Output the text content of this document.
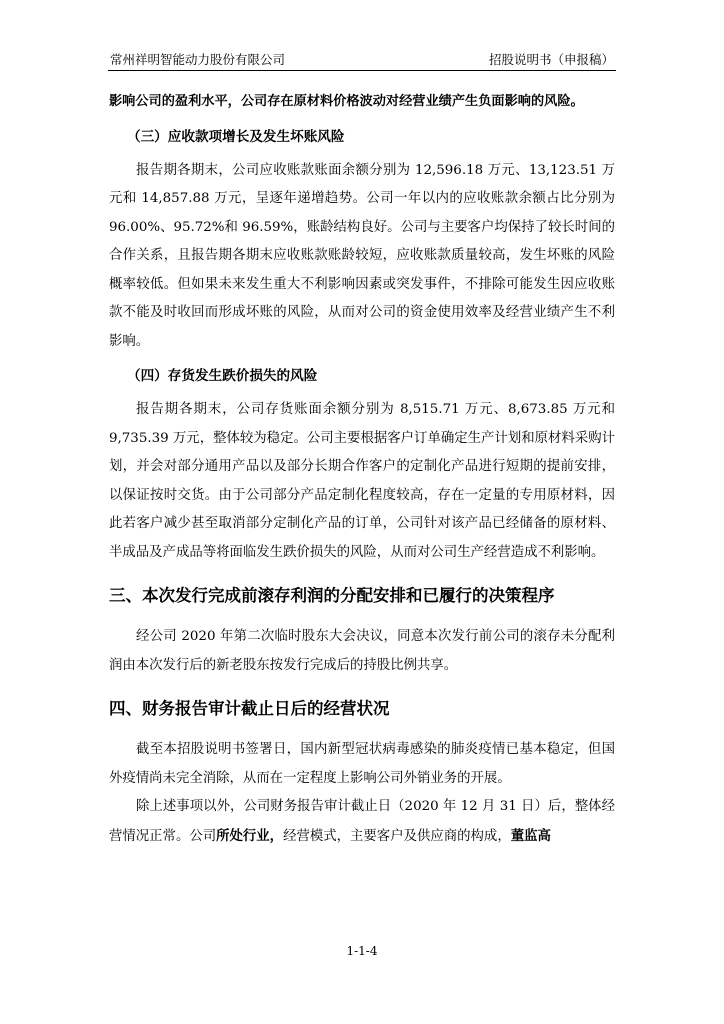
常州祥明智能动力股份有限公司	招股说明书（申报稿）

影响公司的盈利水平，公司存在原材料价格波动对经营业绩产生负面影响的风险。

（三）应收款项增长及发生坏账风险

报告期各期末，公司应收账款账面余额分别为 12,596.18 万元、13,123.51 万元和 14,857.88 万元，呈逐年递增趋势。公司一年以内的应收账款余额占比分别为 96.00%、95.72%和 96.59%，账龄结构良好。公司与主要客户均保持了较长时间的合作关系，且报告期各期末应收账款账龄较短，应收账款质量较高，发生坏账的风险概率较低。但如果未来发生重大不利影响因素或突发事件，不排除可能发生因应收账款不能及时收回而形成坏账的风险，从而对公司的资金使用效率及经营业绩产生不利影响。

（四）存货发生跌价损失的风险

报告期各期末，公司存货账面余额分别为 8,515.71 万元、8,673.85 万元和 9,735.39 万元，整体较为稳定。公司主要根据客户订单确定生产计划和原材料采购计划，并会对部分通用产品以及部分长期合作客户的定制化产品进行短期的提前安排，以保证按时交货。由于公司部分产品定制化程度较高，存在一定量的专用原材料，因此若客户减少甚至取消部分定制化产品的订单，公司针对该产品已经储备的原材料、半成品及产成品等将面临发生跌价损失的风险，从而对公司生产经营造成不利影响。

三、本次发行完成前滚存利润的分配安排和已履行的决策程序

经公司 2020 年第二次临时股东大会决议，同意本次发行前公司的滚存未分配利润由本次发行后的新老股东按发行完成后的持股比例共享。

四、财务报告审计截止日后的经营状况

截至本招股说明书签署日，国内新型冠状病毒感染的肺炎疫情已基本稳定，但国外疫情尚未完全消除，从而在一定程度上影响公司外销业务的开展。

除上述事项以外，公司财务报告审计截止日（2020 年 12 月 31 日）后，整体经营情况正常。公司所处行业，经营模式，主要客户及供应商的构成，董监高

1-1-4
